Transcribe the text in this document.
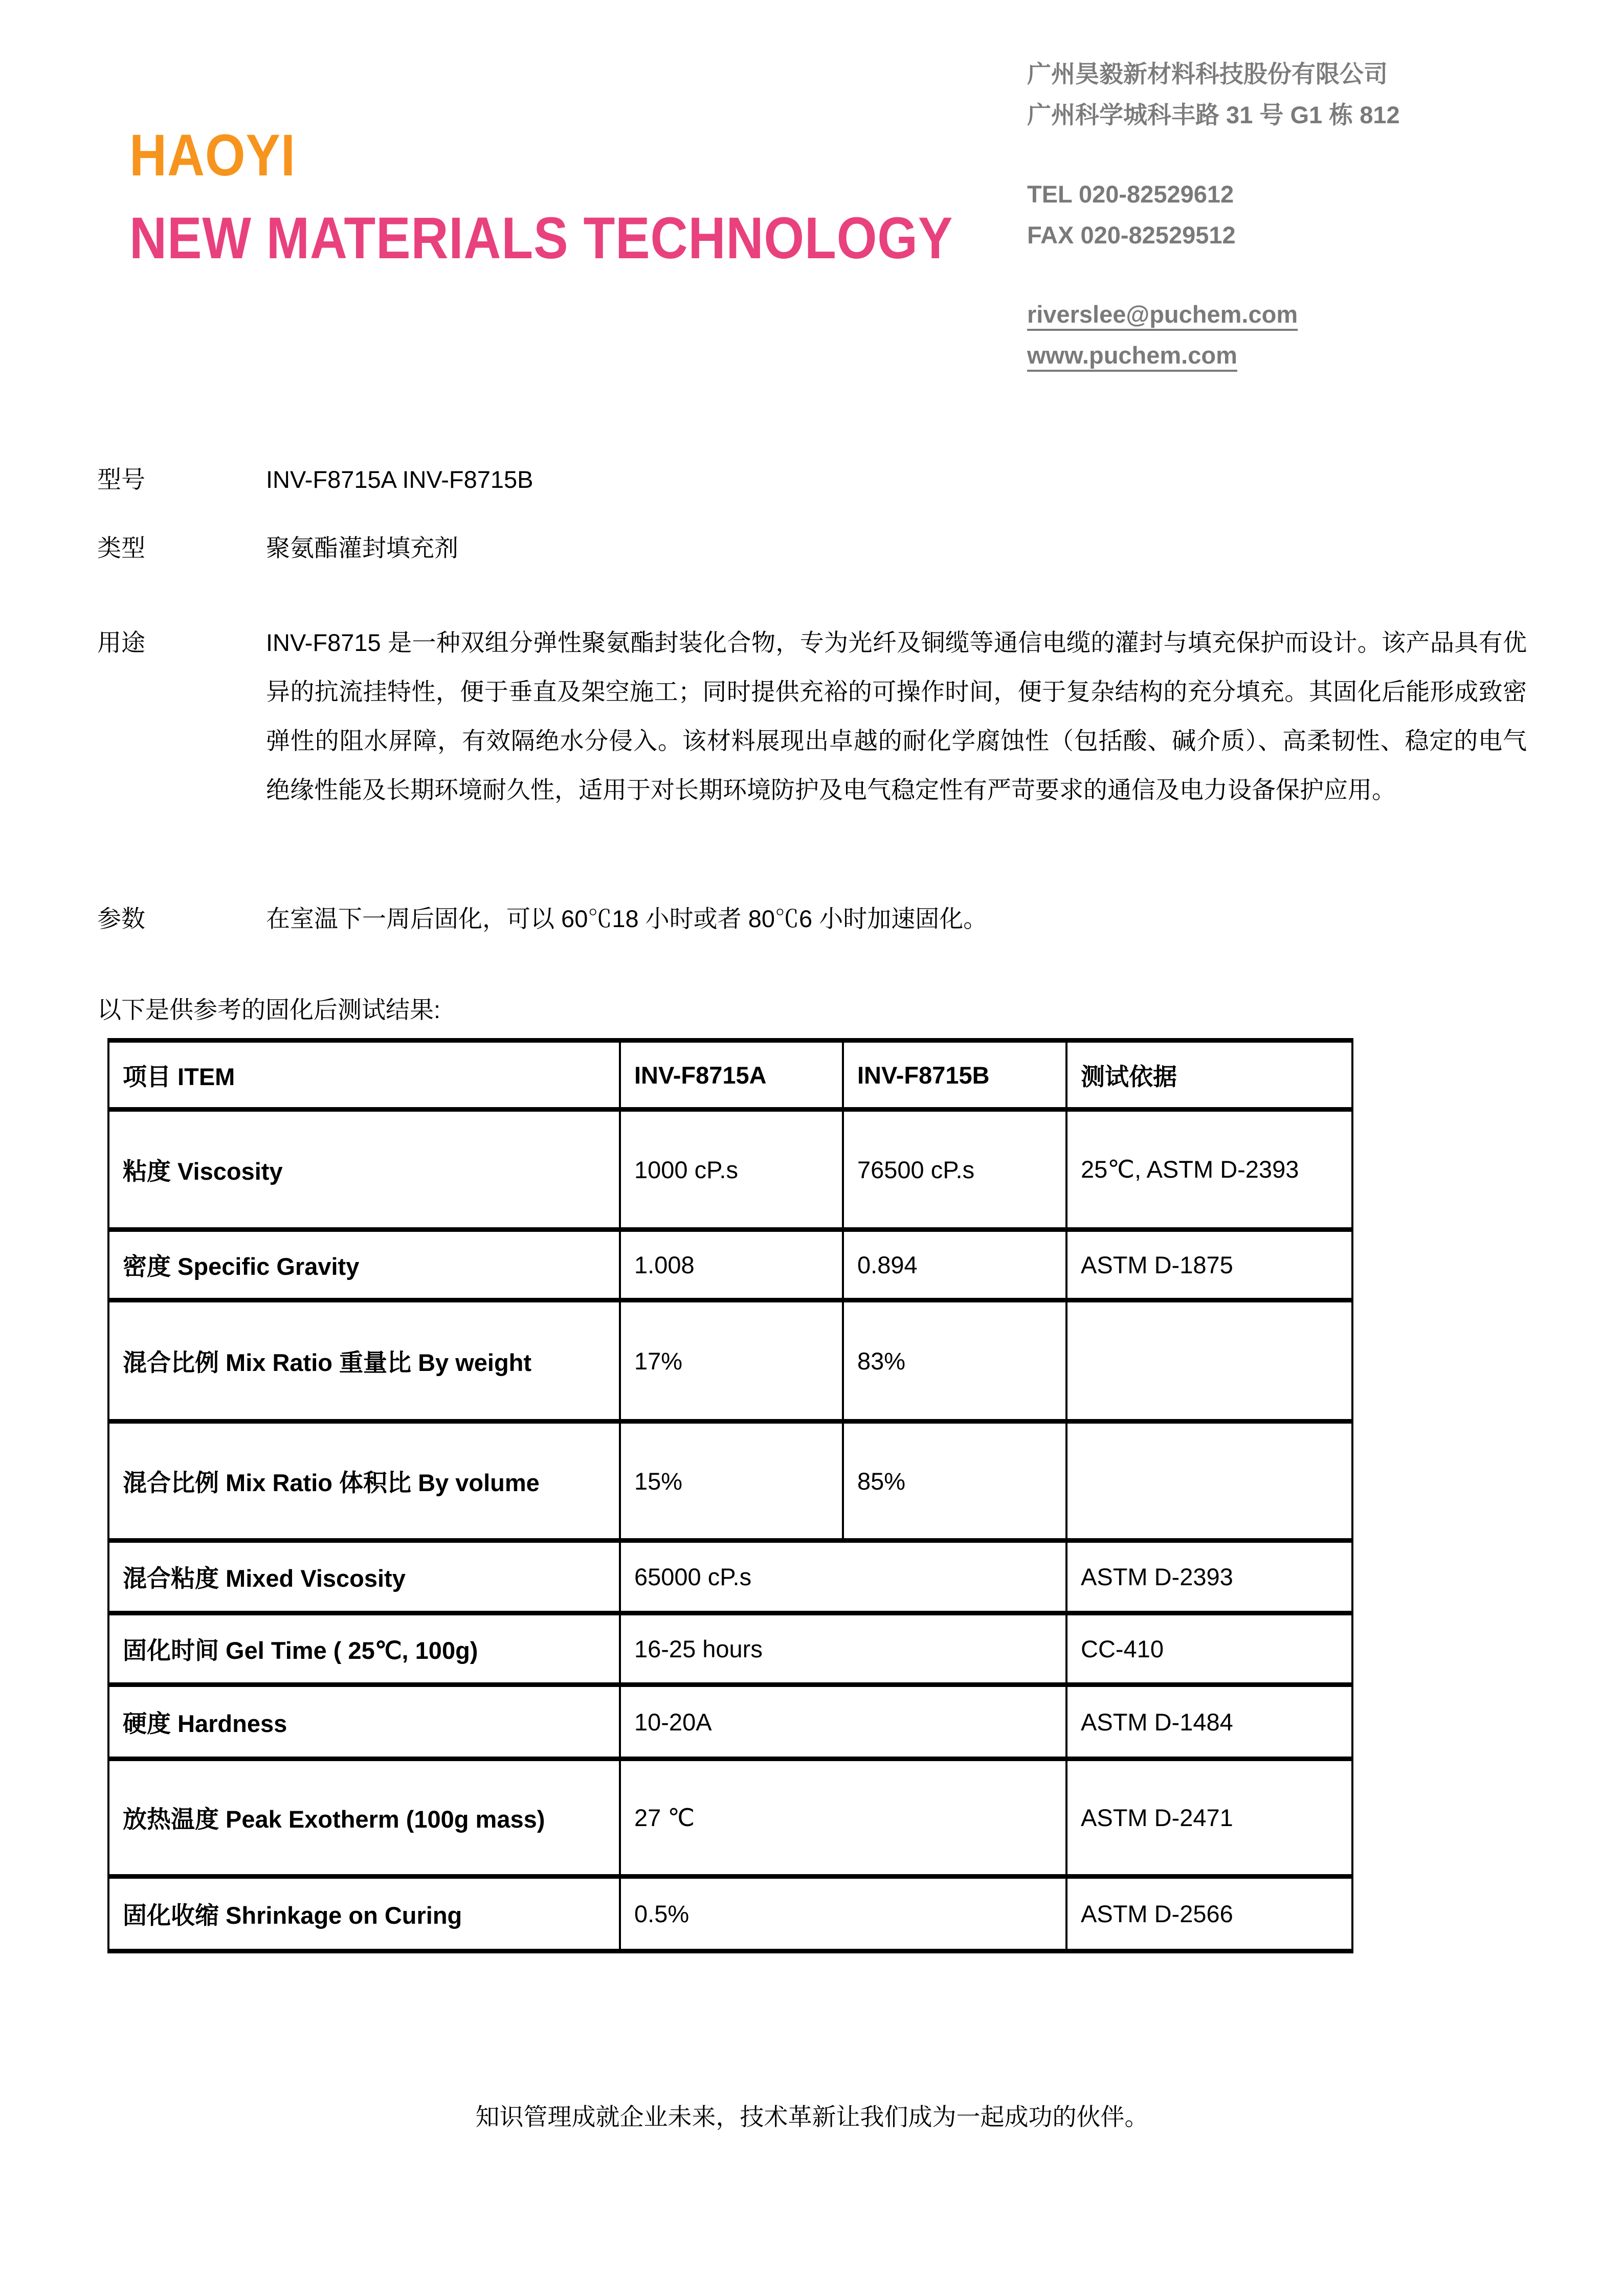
HAOYI
NEW MATERIALS TECHNOLOGY

广州昊毅新材料科技股份有限公司

广州科学城科丰路 31 号 G1 栋 812

TEL 020-82529612

FAX 020-82529512

riverslee@puchem.com

www.puchem.com

型号	INV-F8715A INV-F8715B
类型	聚氨酯灌封填充剂
用途	INV-F8715 是一种双组分弹性聚氨酯封装化合物，专为光纤及铜缆等通信电缆的灌封与填充保护而设计。该产品具有优异的抗流挂特性，便于垂直及架空施工；同时提供充裕的可操作时间，便于复杂结构的充分填充。其固化后能形成致密弹性的阻水屏障，有效隔绝水分侵入。该材料展现出卓越的耐化学腐蚀性（包括酸、碱介质）、高柔韧性、稳定的电气绝缘性能及长期环境耐久性，适用于对长期环境防护及电气稳定性有严苛要求的通信及电力设备保护应用。
参数	在室温下一周后固化，可以 60℃18 小时或者 80℃6 小时加速固化。
以下是供参考的固化后测试结果:
项目 ITEM	INV-F8715A	INV-F8715B	测试依据
粘度 Viscosity	1000 cP.s	76500 cP.s	25℃, ASTM D-2393
密度 Specific Gravity	1.008	0.894	ASTM D-1875
混合比例 Mix Ratio 重量比 By weight	17%	83%	
混合比例 Mix Ratio 体积比 By volume	15%	85%	
混合粘度 Mixed Viscosity	65000 cP.s		ASTM D-2393
固化时间 Gel Time ( 25℃, 100g)	16-25 hours		CC-410
硬度 Hardness	10-20A		ASTM D-1484
放热温度 Peak Exotherm (100g mass)	27 ℃		ASTM D-2471
固化收缩 Shrinkage on Curing	0.5%		ASTM D-2566
知识管理成就企业未来，技术革新让我们成为一起成功的伙伴。
